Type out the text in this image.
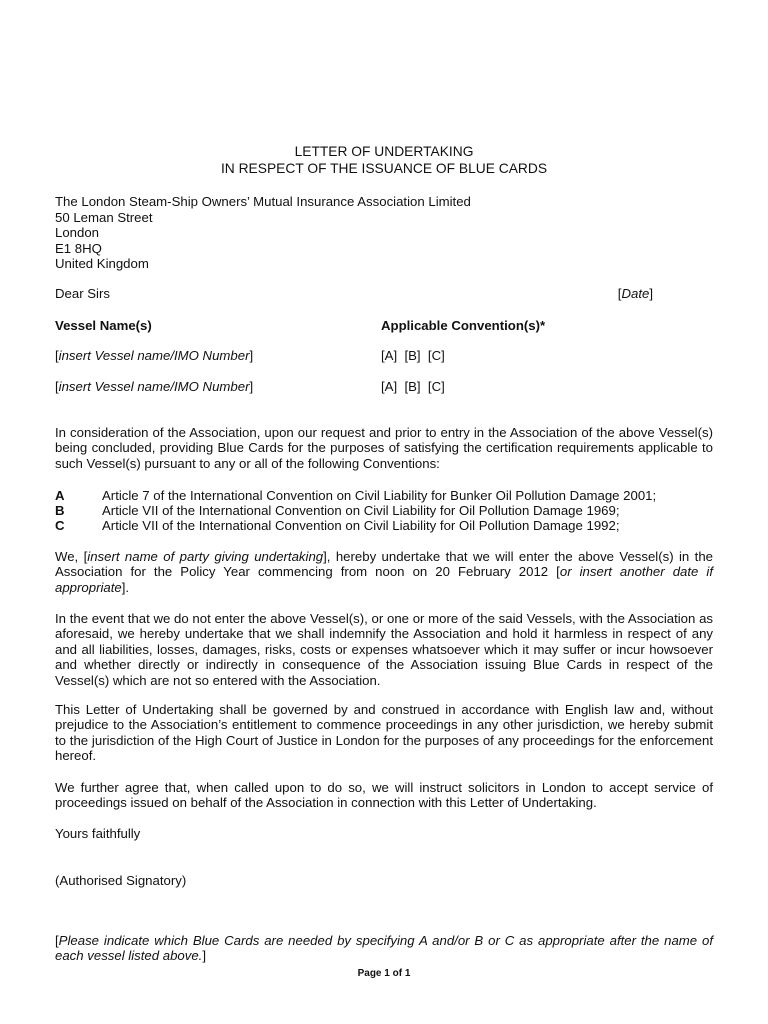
LETTER OF UNDERTAKING
IN RESPECT OF THE ISSUANCE OF BLUE CARDS
The London Steam-Ship Owners’ Mutual Insurance Association Limited
50 Leman Street
London
E1 8HQ
United Kingdom
Dear Sirs	[Date]
Vessel Name(s)	Applicable Convention(s)*
[insert Vessel name/IMO Number]	[A]  [B]  [C]
[insert Vessel name/IMO Number]	[A]  [B]  [C]

In consideration of the Association, upon our request and prior to entry in the Association of the above Vessel(s) being concluded, providing Blue Cards for the purposes of satisfying the certification requirements applicable to such Vessel(s) pursuant to any or all of the following Conventions:

A	Article 7 of the International Convention on Civil Liability for Bunker Oil Pollution Damage 2001;
B	Article VII of the International Convention on Civil Liability for Oil Pollution Damage 1969;
C	Article VII of the International Convention on Civil Liability for Oil Pollution Damage 1992;

We, [insert name of party giving undertaking], hereby undertake that we will enter the above Vessel(s) in the Association for the Policy Year commencing from noon on 20 February 2012 [or insert another date if appropriate].

In the event that we do not enter the above Vessel(s), or one or more of the said Vessels, with the Association as aforesaid, we hereby undertake that we shall indemnify the Association and hold it harmless in respect of any and all liabilities, losses, damages, risks, costs or expenses whatsoever which it may suffer or incur howsoever and whether directly or indirectly in consequence of the Association issuing Blue Cards in respect of the Vessel(s) which are not so entered with the Association.

This Letter of Undertaking shall be governed by and construed in accordance with English law and, without prejudice to the Association’s entitlement to commence proceedings in any other jurisdiction, we hereby submit to the jurisdiction of the High Court of Justice in London for the purposes of any proceedings for the enforcement hereof.

We further agree that, when called upon to do so, we will instruct solicitors in London to accept service of proceedings issued on behalf of the Association in connection with this Letter of Undertaking.

Yours faithfully
(Authorised Signatory)

[Please indicate which Blue Cards are needed by specifying A and/or B or C as appropriate after the name of each vessel listed above.]

Page 1 of 1
